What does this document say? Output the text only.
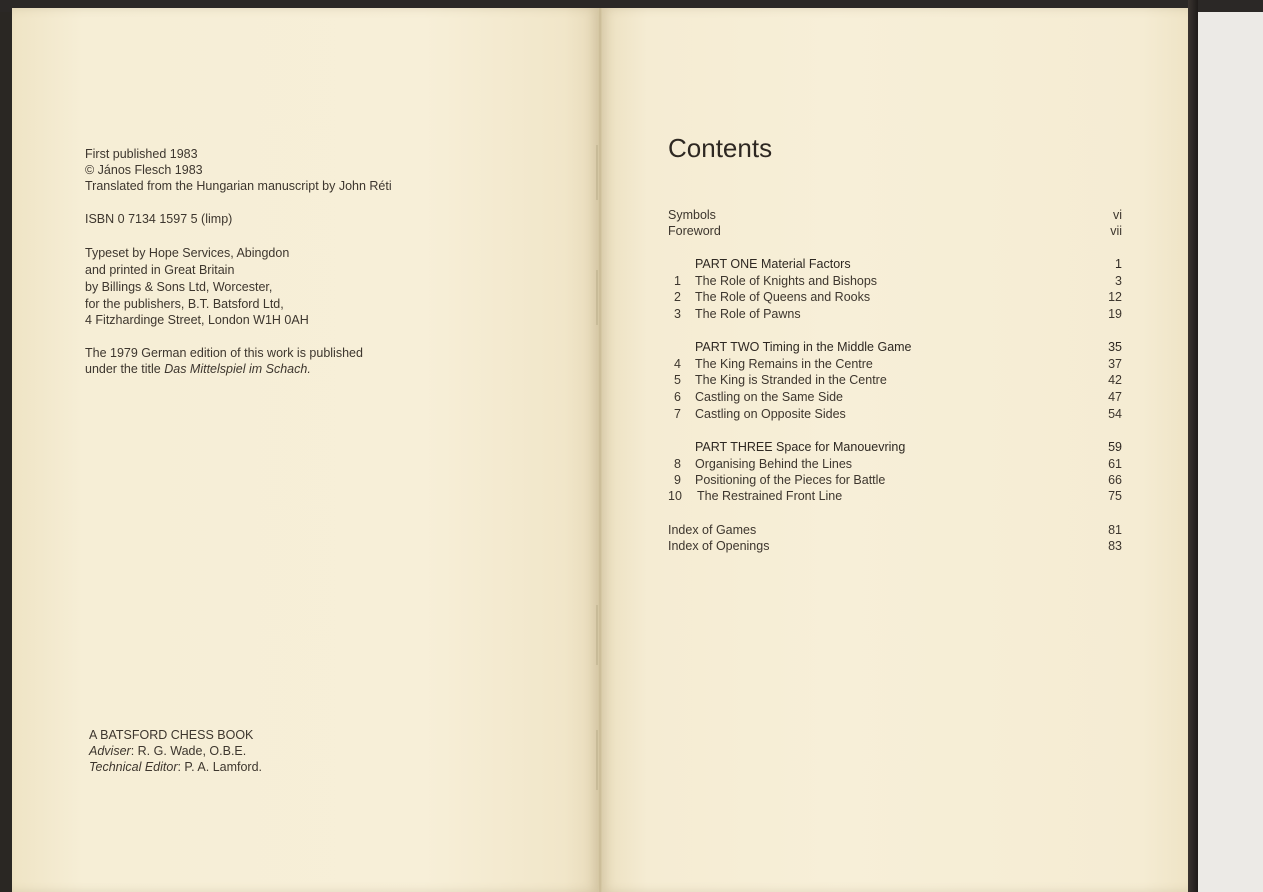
First published 1983
© János Flesch 1983
Translated from the Hungarian manuscript by John Réti
ISBN 0 7134 1597 5 (limp)
Typeset by Hope Services, Abingdon
and printed in Great Britain
by Billings & Sons Ltd, Worcester,
for the publishers, B.T. Batsford Ltd,
4 Fitzhardinge Street, London W1H 0AH
The 1979 German edition of this work is published
under the title Das Mittelspiel im Schach.
A BATSFORD CHESS BOOK
Adviser: R. G. Wade, O.B.E.
Technical Editor: P. A. Lamford.
Contents
Symbols	vi
Foreword	vii
PART ONE Material Factors	1
1	The Role of Knights and Bishops	3
2	The Role of Queens and Rooks	12
3	The Role of Pawns	19
PART TWO Timing in the Middle Game	35
4	The King Remains in the Centre	37
5	The King is Stranded in the Centre	42
6	Castling on the Same Side	47
7	Castling on Opposite Sides	54
PART THREE Space for Manouevring	59
8	Organising Behind the Lines	61
9	Positioning of the Pieces for Battle	66
10	The Restrained Front Line	75
Index of Games	81
Index of Openings	83
